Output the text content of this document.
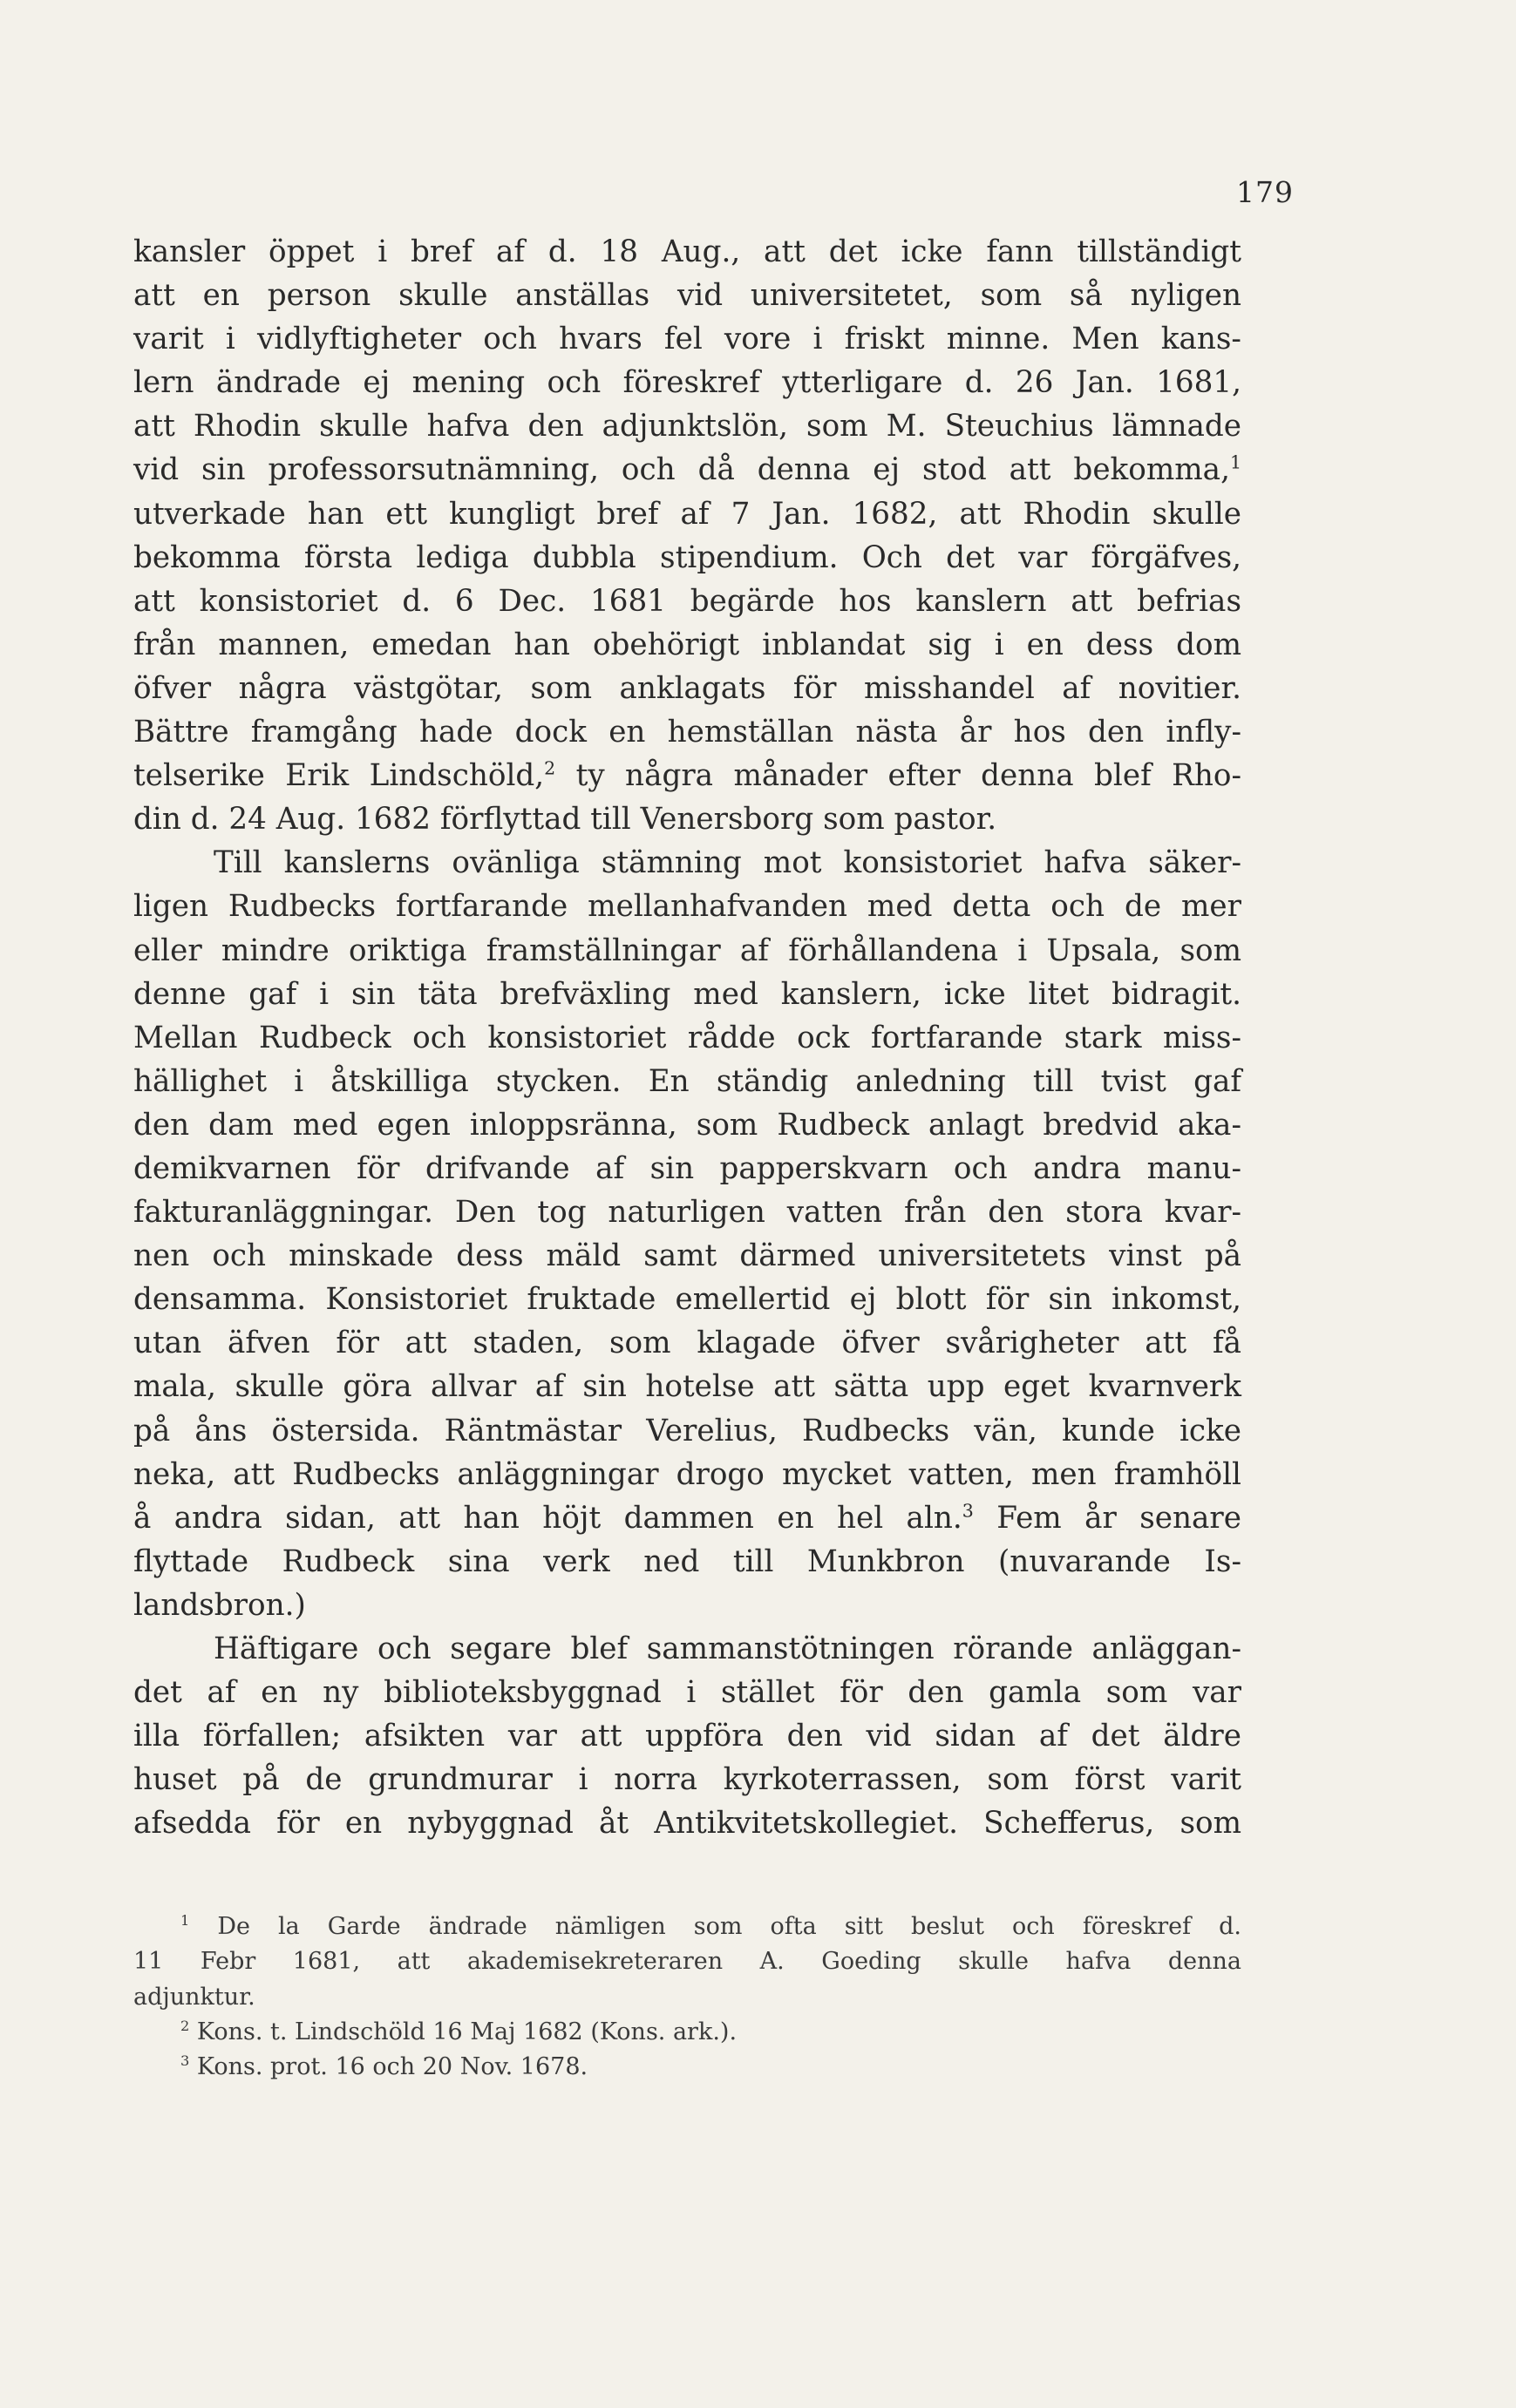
179
kansler öppet i bref af d. 18 Aug., att det icke fann tillständigt
att en person skulle anställas vid universitetet, som så nyligen
varit i vidlyftigheter och hvars fel vore i friskt minne. Men kans-
lern ändrade ej mening och föreskref ytterligare d. 26 Jan. 1681,
att Rhodin skulle hafva den adjunktslön, som M. Steuchius lämnade
vid sin professorsutnämning, och då denna ej stod att bekomma,$^1$
utverkade han ett kungligt bref af 7 Jan. 1682, att Rhodin skulle
bekomma första lediga dubbla stipendium. Och det var förgäfves,
att konsistoriet d. 6 Dec. 1681 begärde hos kanslern att befrias
från mannen, emedan han obehörigt inblandat sig i en dess dom
öfver några västgötar, som anklagats för misshandel af novitier.
Bättre framgång hade dock en hemställan nästa år hos den infly-
telserike Erik Lindschöld,$^2$ ty några månader efter denna blef Rho-
din d. 24 Aug. 1682 förflyttad till Venersborg som pastor.
Till kanslerns ovänliga stämning mot konsistoriet hafva säker-
ligen Rudbecks fortfarande mellanhafvanden med detta och de mer
eller mindre oriktiga framställningar af förhållandena i Upsala, som
denne gaf i sin täta brefväxling med kanslern, icke litet bidragit.
Mellan Rudbeck och konsistoriet rådde ock fortfarande stark miss-
hällighet i åtskilliga stycken. En ständig anledning till tvist gaf
den dam med egen inloppsränna, som Rudbeck anlagt bredvid aka-
demikvarnen för drifvande af sin papperskvarn och andra manu-
fakturanläggningar. Den tog naturligen vatten från den stora kvar-
nen och minskade dess mäld samt därmed universitetets vinst på
densamma. Konsistoriet fruktade emellertid ej blott för sin inkomst,
utan äfven för att staden, som klagade öfver svårigheter att få
mala, skulle göra allvar af sin hotelse att sätta upp eget kvarnverk
på åns östersida. Räntmästar Verelius, Rudbecks vän, kunde icke
neka, att Rudbecks anläggningar drogo mycket vatten, men framhöll
å andra sidan, att han höjt dammen en hel aln.$^3$ Fem år senare
flyttade Rudbeck sina verk ned till Munkbron (nuvarande Is-
landsbron.)
Häftigare och segare blef sammanstötningen rörande anläggan-
det af en ny biblioteksbyggnad i stället för den gamla som var
illa förfallen; afsikten var att uppföra den vid sidan af det äldre
huset på de grundmurar i norra kyrkoterrassen, som först varit
afsedda för en nybyggnad åt Antikvitetskollegiet. Schefferus, som
$^1$ De la Garde ändrade nämligen som ofta sitt beslut och föreskref d.
11 Febr 1681, att akademisekreteraren A. Goeding skulle hafva denna
adjunktur.
$^2$ Kons. t. Lindschöld 16 Maj 1682 (Kons. ark.).
$^3$ Kons. prot. 16 och 20 Nov. 1678.
